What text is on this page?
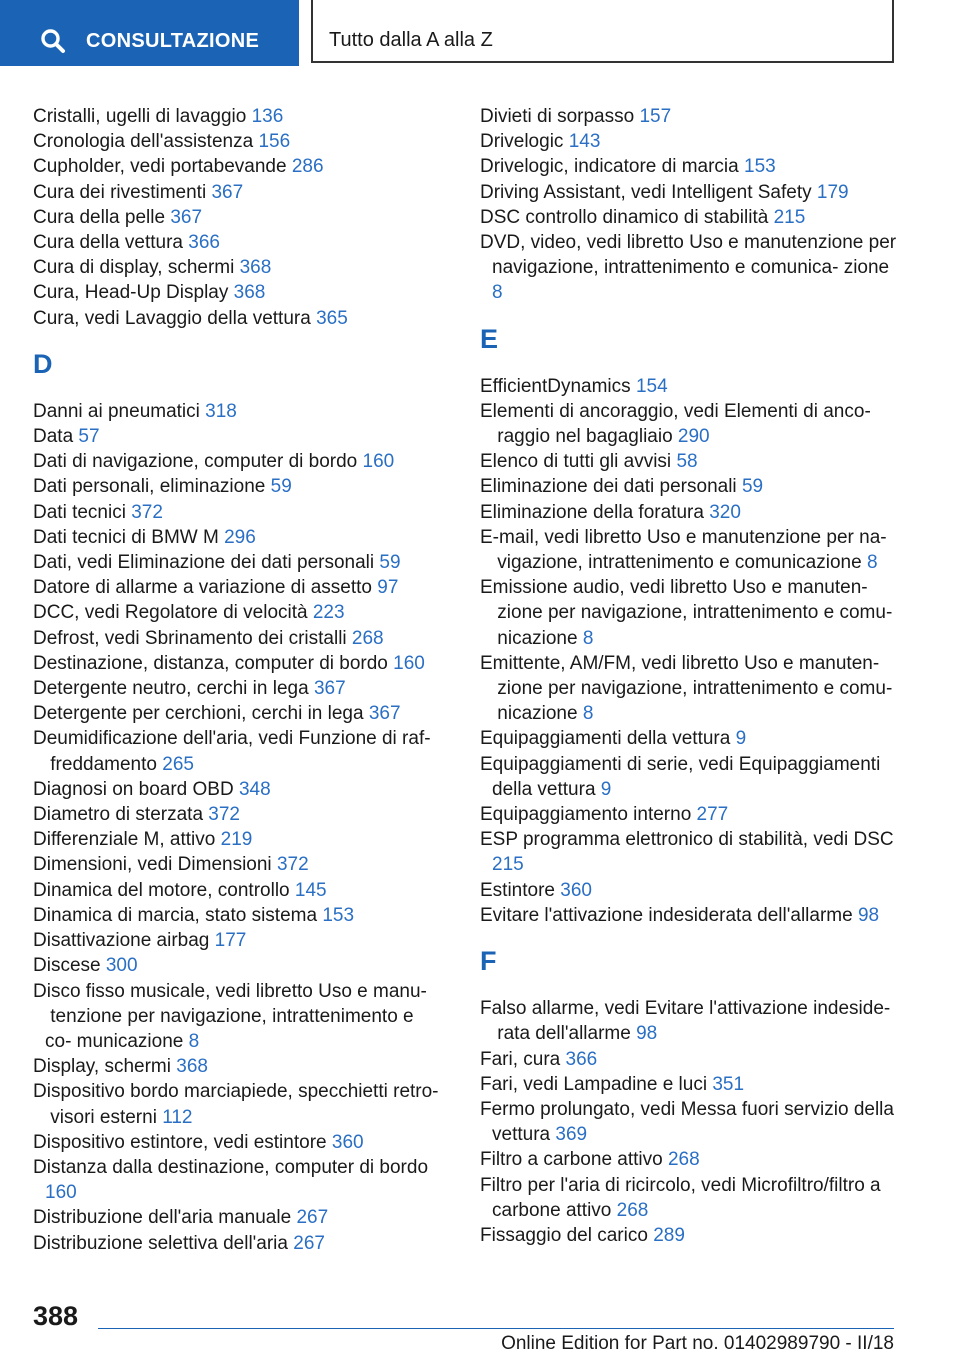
CONSULTAZIONE	Tutto dalla A alla Z
Cristalli, ugelli di lavaggio 136
Cronologia dell'assistenza 156
Cupholder, vedi portabevande 286
Cura dei rivestimenti 367
Cura della pelle 367
Cura della vettura 366
Cura di display, schermi 368
Cura, Head-Up Display 368
Cura, vedi Lavaggio della vettura 365
D
Danni ai pneumatici 318
Data 57
Dati di navigazione, computer di bordo 160
Dati personali, eliminazione 59
Dati tecnici 372
Dati tecnici di BMW M 296
Dati, vedi Eliminazione dei dati personali 59
Datore di allarme a variazione di assetto 97
DCC, vedi Regolatore di velocità 223
Defrost, vedi Sbrinamento dei cristalli 268
Destinazione, distanza, computer di bordo 160
Detergente neutro, cerchi in lega 367
Detergente per cerchioni, cerchi in lega 367
Deumidificazione dell'aria, vedi Funzione di raf- freddamento 265
Diagnosi on board OBD 348
Diametro di sterzata 372
Differenziale M, attivo 219
Dimensioni, vedi Dimensioni 372
Dinamica del motore, controllo 145
Dinamica di marcia, stato sistema 153
Disattivazione airbag 177
Discese 300
Disco fisso musicale, vedi libretto Uso e manu- tenzione per navigazione, intrattenimento e co- municazione 8
Display, schermi 368
Dispositivo bordo marciapiede, specchietti retro- visori esterni 112
Dispositivo estintore, vedi estintore 360
Distanza dalla destinazione, computer di bordo 160
Distribuzione dell'aria manuale 267
Distribuzione selettiva dell'aria 267
Divieti di sorpasso 157
Drivelogic 143
Drivelogic, indicatore di marcia 153
Driving Assistant, vedi Intelligent Safety 179
DSC controllo dinamico di stabilità 215
DVD, video, vedi libretto Uso e manutenzione per navigazione, intrattenimento e comunica- zione 8
E
EfficientDynamics 154
Elementi di ancoraggio, vedi Elementi di anco- raggio nel bagagliaio 290
Elenco di tutti gli avvisi 58
Eliminazione dei dati personali 59
Eliminazione della foratura 320
E-mail, vedi libretto Uso e manutenzione per na- vigazione, intrattenimento e comunicazione 8
Emissione audio, vedi libretto Uso e manuten- zione per navigazione, intrattenimento e comu- nicazione 8
Emittente, AM/FM, vedi libretto Uso e manuten- zione per navigazione, intrattenimento e comu- nicazione 8
Equipaggiamenti della vettura 9
Equipaggiamenti di serie, vedi Equipaggiamenti della vettura 9
Equipaggiamento interno 277
ESP programma elettronico di stabilità, vedi DSC 215
Estintore 360
Evitare l'attivazione indesiderata dell'allarme 98
F
Falso allarme, vedi Evitare l'attivazione indeside- rata dell'allarme 98
Fari, cura 366
Fari, vedi Lampadine e luci 351
Fermo prolungato, vedi Messa fuori servizio della vettura 369
Filtro a carbone attivo 268
Filtro per l'aria di ricircolo, vedi Microfiltro/filtro a carbone attivo 268
Fissaggio del carico 289
388
Online Edition for Part no. 01402989790 - II/18
